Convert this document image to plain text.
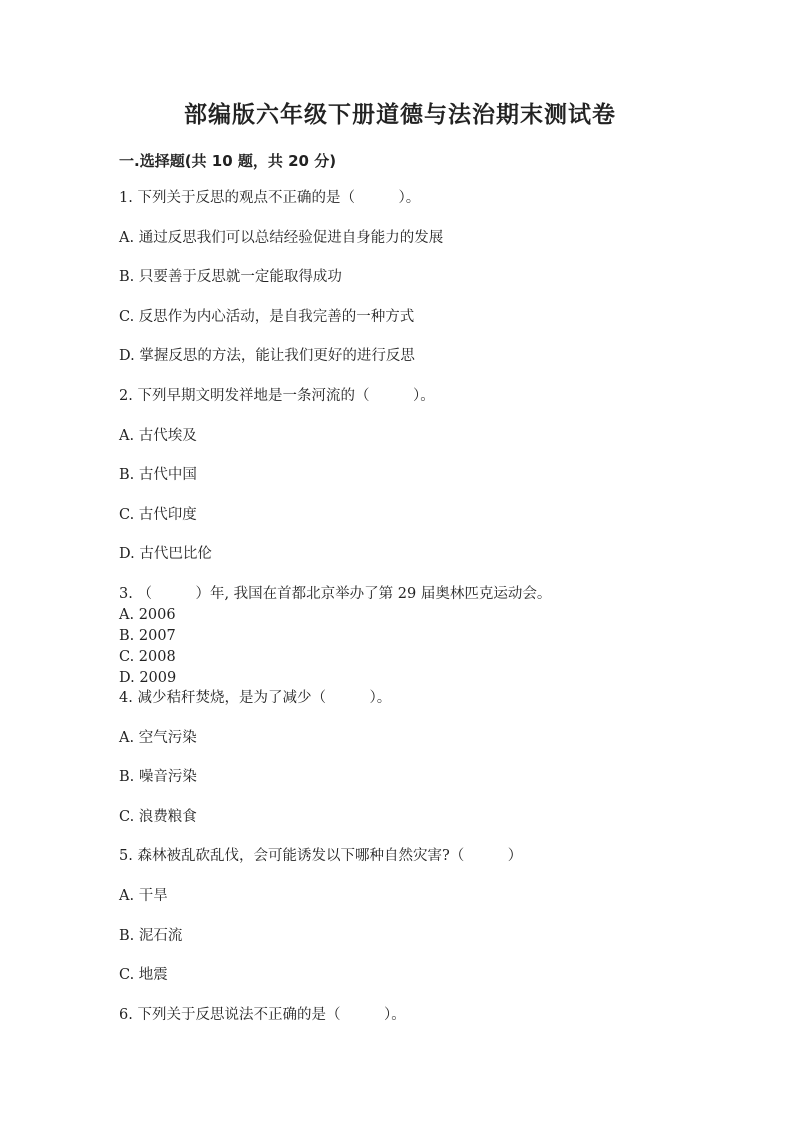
部编版六年级下册道德与法治期末测试卷

一.选择题(共 10 题，共 20 分)

1. 下列关于反思的观点不正确的是（　　　）。

A. 通过反思我们可以总结经验促进自身能力的发展

B. 只要善于反思就一定能取得成功

C. 反思作为内心活动，是自我完善的一种方式

D. 掌握反思的方法，能让我们更好的进行反思

2. 下列早期文明发祥地是一条河流的（　　　）。

A. 古代埃及

B. 古代中国

C. 古代印度

D. 古代巴比伦

3. （　　　）年, 我国在首都北京举办了第 29 届奥林匹克运动会。

A. 2006

B. 2007

C. 2008

D. 2009

4. 减少秸秆焚烧，是为了减少（　　　）。

A. 空气污染

B. 噪音污染

C. 浪费粮食

5. 森林被乱砍乱伐，会可能诱发以下哪种自然灾害?（　　　）

A. 干旱

B. 泥石流

C. 地震

6. 下列关于反思说法不正确的是（　　　）。
